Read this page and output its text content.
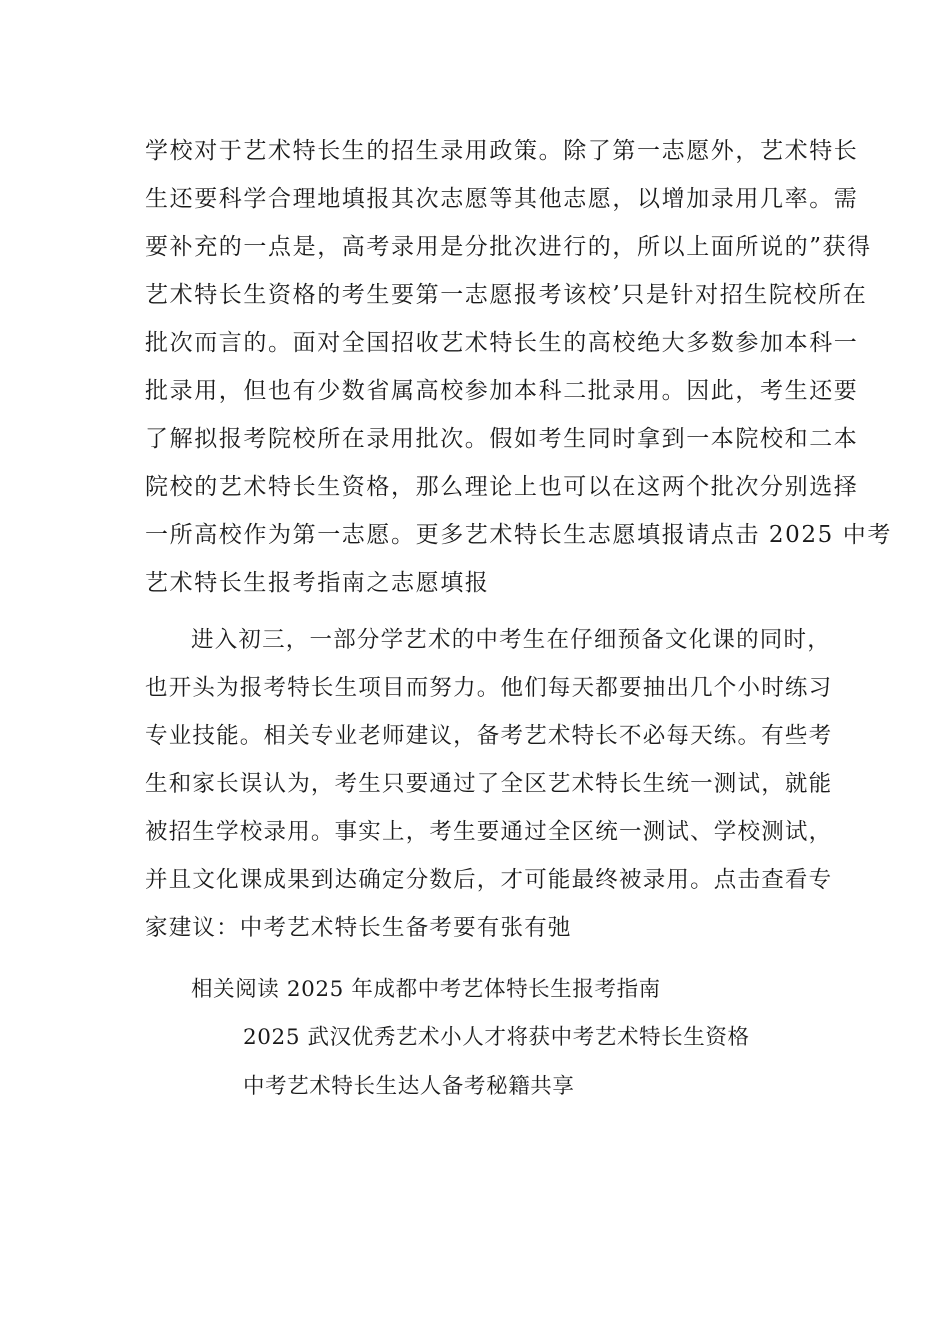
学校对于艺术特长生的招生录用政策。除了第一志愿外，艺术特长
生还要科学合理地填报其次志愿等其他志愿，以增加录用几率。需
要补充的一点是，高考录用是分批次进行的，所以上面所说的”获得
艺术特长生资格的考生要第一志愿报考该校’只是针对招生院校所在
批次而言的。面对全国招收艺术特长生的高校绝大多数参加本科一
批录用，但也有少数省属高校参加本科二批录用。因此，考生还要
了解拟报考院校所在录用批次。假如考生同时拿到一本院校和二本
院校的艺术特长生资格，那么理论上也可以在这两个批次分别选择
一所高校作为第一志愿。更多艺术特长生志愿填报请点击 2025 中考
艺术特长生报考指南之志愿填报
进入初三，一部分学艺术的中考生在仔细预备文化课的同时，
也开头为报考特长生项目而努力。他们每天都要抽出几个小时练习
专业技能。相关专业老师建议，备考艺术特长不必每天练。有些考
生和家长误认为，考生只要通过了全区艺术特长生统一测试，就能
被招生学校录用。事实上，考生要通过全区统一测试、学校测试，
并且文化课成果到达确定分数后，才可能最终被录用。点击查看专
家建议：中考艺术特长生备考要有张有弛
相关阅读 2025 年成都中考艺体特长生报考指南
2025 武汉优秀艺术小人才将获中考艺术特长生资格
中考艺术特长生达人备考秘籍共享
